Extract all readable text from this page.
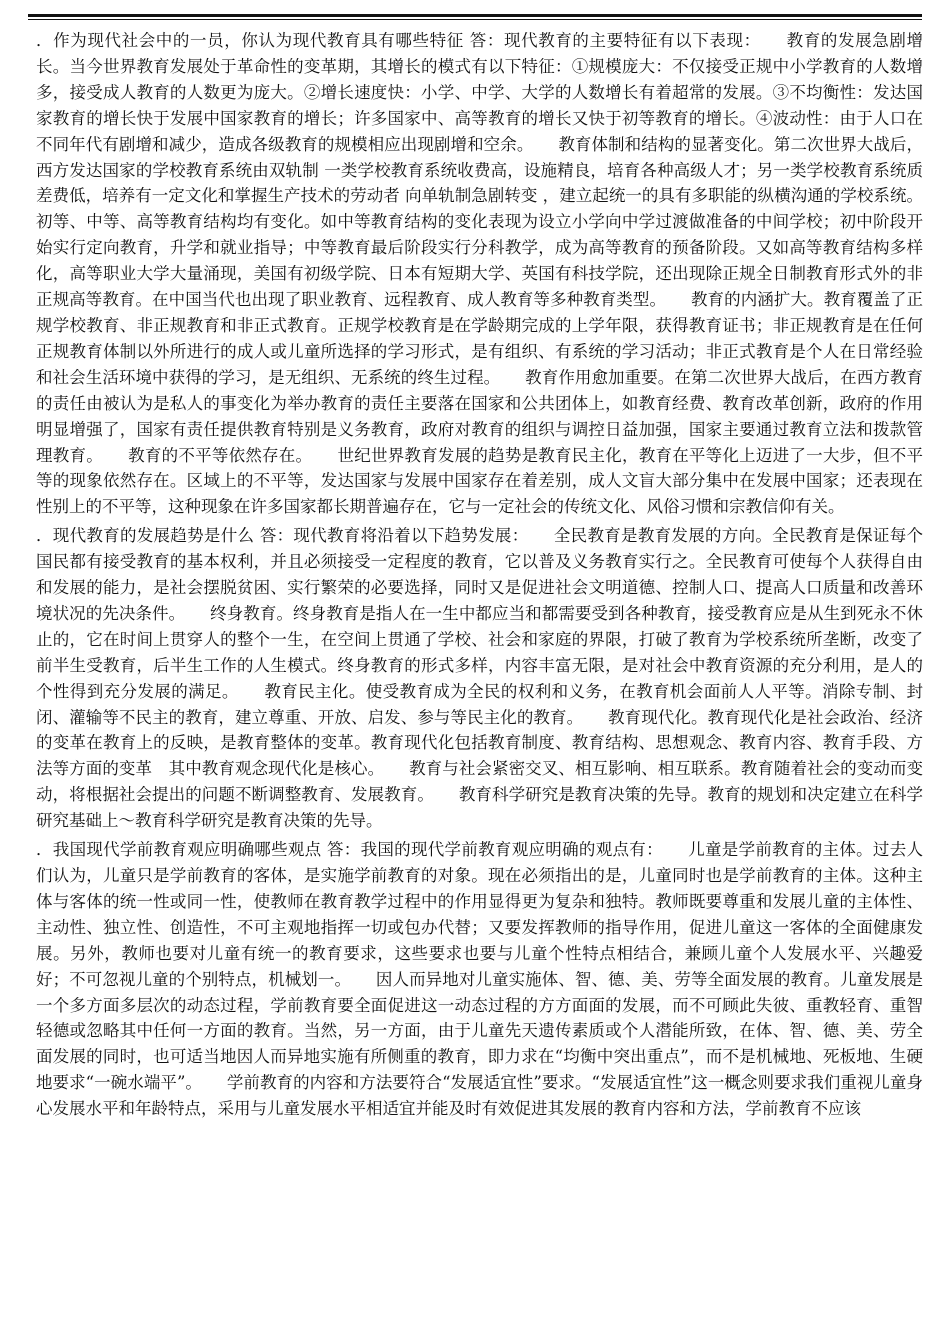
．作为现代社会中的一员，你认为现代教育具有哪些特征 答：现代教育的主要特征有以下表现：　　教育的发展急剧增长。当今世界教育发展处于革命性的变革期，其增长的模式有以下特征：①规模庞大：不仅接受正规中小学教育的人数增多，接受成人教育的人数更为庞大。②增长速度快：小学、中学、大学的人数增长有着超常的发展。③不均衡性：发达国家教育的增长快于发展中国家教育的增长；许多国家中、高等教育的增长又快于初等教育的增长。④波动性：由于人口在不同年代有剧增和减少，造成各级教育的规模相应出现剧增和空余。　　教育体制和结构的显著变化。第二次世界大战后，西方发达国家的学校教育系统由双轨制 一类学校教育系统收费高，设施精良，培育各种高级人才；另一类学校教育系统质差费低，培养有一定文化和掌握生产技术的劳动者 向单轨制急剧转变 ，建立起统一的具有多职能的纵横沟通的学校系统。初等、中等、高等教育结构均有变化。如中等教育结构的变化表现为设立小学向中学过渡做准备的中间学校；初中阶段开始实行定向教育，升学和就业指导；中等教育最后阶段实行分科教学，成为高等教育的预备阶段。又如高等教育结构多样化，高等职业大学大量涌现，美国有初级学院、日本有短期大学、英国有科技学院，还出现除正规全日制教育形式外的非正规高等教育。在中国当代也出现了职业教育、远程教育、成人教育等多种教育类型。　　教育的内涵扩大。教育覆盖了正规学校教育、非正规教育和非正式教育。正规学校教育是在学龄期完成的上学年限，获得教育证书；非正规教育是在任何正规教育体制以外所进行的成人或儿童所选择的学习形式，是有组织、有系统的学习活动；非正式教育是个人在日常经验和社会生活环境中获得的学习，是无组织、无系统的终生过程。　　教育作用愈加重要。在第二次世界大战后，在西方教育的责任由被认为是私人的事变化为举办教育的责任主要落在国家和公共团体上，如教育经费、教育改革创新，政府的作用明显增强了，国家有责任提供教育特别是义务教育，政府对教育的组织与调控日益加强，国家主要通过教育立法和拨款管理教育。　　教育的不平等依然存在。　　世纪世界教育发展的趋势是教育民主化，教育在平等化上迈进了一大步，但不平等的现象依然存在。区域上的不平等，发达国家与发展中国家存在着差别，成人文盲大部分集中在发展中国家；还表现在性别上的不平等，这种现象在许多国家都长期普遍存在，它与一定社会的传统文化、风俗习惯和宗教信仰有关。

．现代教育的发展趋势是什么 答：现代教育将沿着以下趋势发展：　　全民教育是教育发展的方向。全民教育是保证每个国民都有接受教育的基本权利，并且必须接受一定程度的教育，它以普及义务教育实行之。全民教育可使每个人获得自由和发展的能力，是社会摆脱贫困、实行繁荣的必要选择，同时又是促进社会文明道德、控制人口、提高人口质量和改善环境状况的先决条件。　　终身教育。终身教育是指人在一生中都应当和都需要受到各种教育，接受教育应是从生到死永不休止的，它在时间上贯穿人的整个一生，在空间上贯通了学校、社会和家庭的界限，打破了教育为学校系统所垄断，改变了前半生受教育，后半生工作的人生模式。终身教育的形式多样，内容丰富无限，是对社会中教育资源的充分利用，是人的个性得到充分发展的满足。　　教育民主化。使受教育成为全民的权利和义务，在教育机会面前人人平等。消除专制、封闭、灌输等不民主的教育，建立尊重、开放、启发、参与等民主化的教育。　　教育现代化。教育现代化是社会政治、经济的变革在教育上的反映，是教育整体的变革。教育现代化包括教育制度、教育结构、思想观念、教育内容、教育手段、方法等方面的变革　其中教育观念现代化是核心。　　教育与社会紧密交叉、相互影响、相互联系。教育随着社会的变动而变动，将根据社会提出的问题不断调整教育、发展教育。　　教育科学研究是教育决策的先导。教育的规划和决定建立在科学研究基础上～教育科学研究是教育决策的先导。

．我国现代学前教育观应明确哪些观点 答：我国的现代学前教育观应明确的观点有：　　儿童是学前教育的主体。过去人们认为，儿童只是学前教育的客体，是实施学前教育的对象。现在必须指出的是，儿童同时也是学前教育的主体。这种主体与客体的统一性或同一性，使教师在教育教学过程中的作用显得更为复杂和独特。教师既要尊重和发展儿童的主体性、主动性、独立性、创造性，不可主观地指挥一切或包办代替；又要发挥教师的指导作用，促进儿童这一客体的全面健康发展。另外，教师也要对儿童有统一的教育要求，这些要求也要与儿童个性特点相结合，兼顾儿童个人发展水平、兴趣爱好；不可忽视儿童的个别特点，机械划一。　　因人而异地对儿童实施体、智、德、美、劳等全面发展的教育。儿童发展是一个多方面多层次的动态过程，学前教育要全面促进这一动态过程的方方面面的发展，而不可顾此失彼、重教轻育、重智轻德或忽略其中任何一方面的教育。当然，另一方面，由于儿童先天遗传素质或个人潜能所致，在体、智、德、美、劳全面发展的同时，也可适当地因人而异地实施有所侧重的教育，即力求在“均衡中突出重点”，而不是机械地、死板地、生硬地要求“一碗水端平”。　　学前教育的内容和方法要符合“发展适宜性”要求。“发展适宜性”这一概念则要求我们重视儿童身心发展水平和年龄特点，采用与儿童发展水平相适宜并能及时有效促进其发展的教育内容和方法，学前教育不应该
